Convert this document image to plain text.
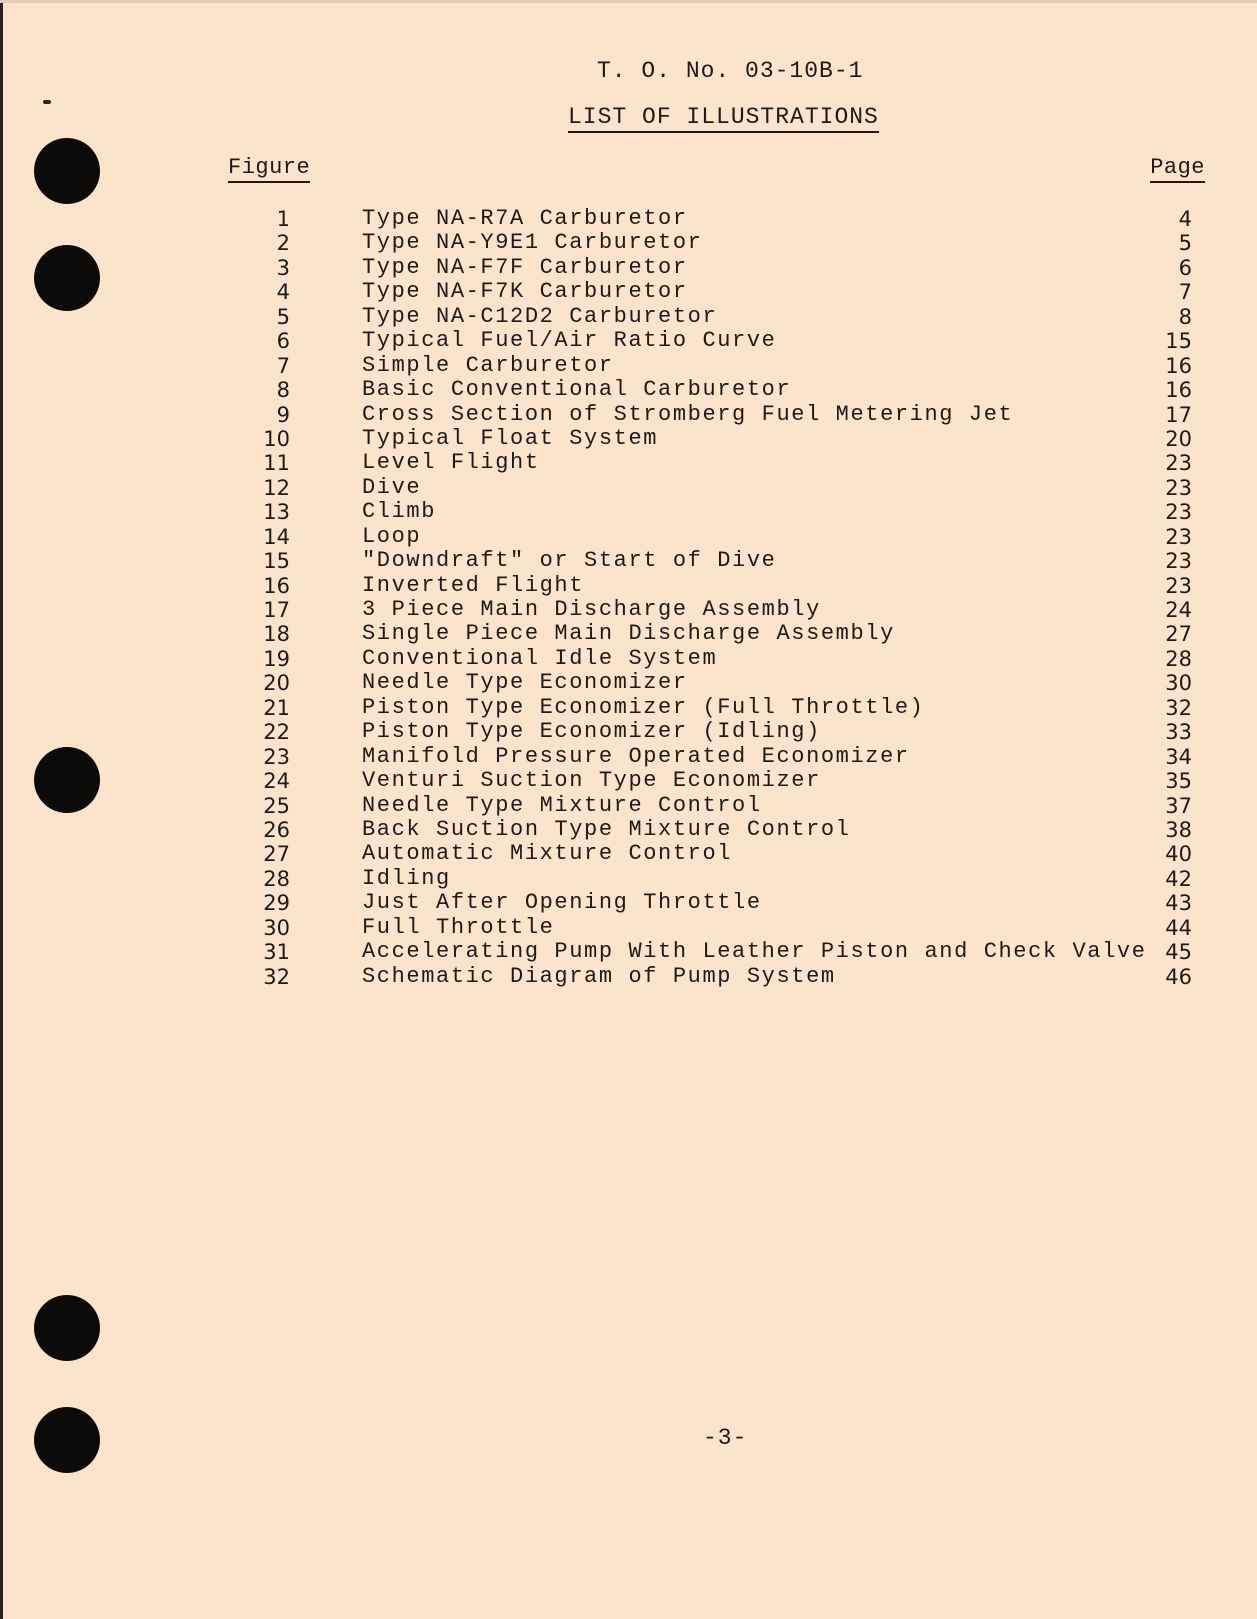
T. O. No. 03-10B-1
LIST OF ILLUSTRATIONS
Figure	Page
1	Type NA-R7A Carburetor	4
2	Type NA-Y9E1 Carburetor	5
3	Type NA-F7F Carburetor	6
4	Type NA-F7K Carburetor	7
5	Type NA-C12D2 Carburetor	8
6	Typical Fuel/Air Ratio Curve	15
7	Simple Carburetor	16
8	Basic Conventional Carburetor	16
9	Cross Section of Stromberg Fuel Metering Jet	17
10	Typical Float System	20
11	Level Flight	23
12	Dive	23
13	Climb	23
14	Loop	23
15	"Downdraft" or Start of Dive	23
16	Inverted Flight	23
17	3 Piece Main Discharge Assembly	24
18	Single Piece Main Discharge Assembly	27
19	Conventional Idle System	28
20	Needle Type Economizer	30
21	Piston Type Economizer (Full Throttle)	32
22	Piston Type Economizer (Idling)	33
23	Manifold Pressure Operated Economizer	34
24	Venturi Suction Type Economizer	35
25	Needle Type Mixture Control	37
26	Back Suction Type Mixture Control	38
27	Automatic Mixture Control	40
28	Idling	42
29	Just After Opening Throttle	43
30	Full Throttle	44
31	Accelerating Pump With Leather Piston and Check Valve 45
32	Schematic Diagram of Pump System	46
-3-
